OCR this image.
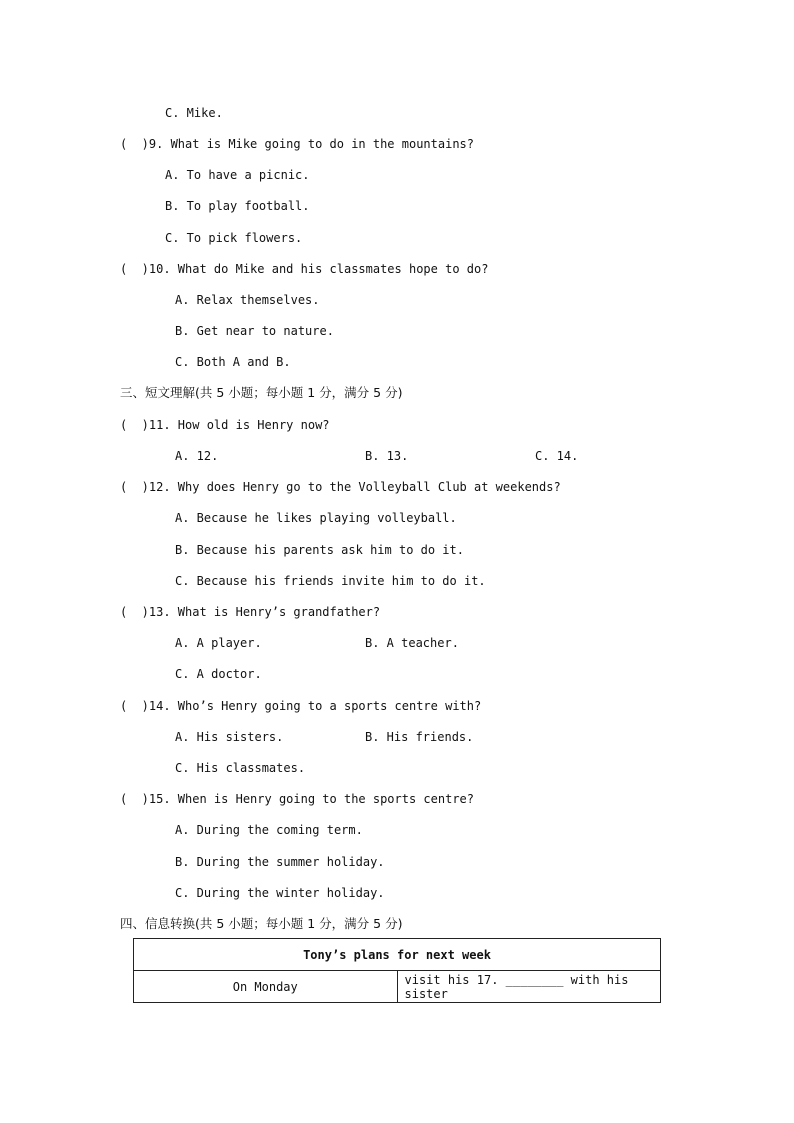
C. Mike.
(  )9. What is Mike going to do in the mountains?
A. To have a picnic.
B. To play football.
C. To pick flowers.
(  )10. What do Mike and his classmates hope to do?
A. Relax themselves.
B. Get near to nature.
C. Both A and B.
三、短文理解(共 5 小题；每小题 1 分，满分 5 分)
(  )11. How old is Henry now?
A. 12.	B. 13.	C. 14.
(  )12. Why does Henry go to the Volleyball Club at weekends?
A. Because he likes playing volleyball.
B. Because his parents ask him to do it.
C. Because his friends invite him to do it.
(  )13. What is Henry’s grandfather?
A. A player.	B. A teacher.
C. A doctor.
(  )14. Who’s Henry going to a sports centre with?
A. His sisters.	B. His friends.
C. His classmates.
(  )15. When is Henry going to the sports centre?
A. During the coming term.
B. During the summer holiday.
C. During the winter holiday.
四、信息转换(共 5 小题；每小题 1 分，满分 5 分)
Tony’s plans for next week
On Monday	visit his 17. ________ with his sister
